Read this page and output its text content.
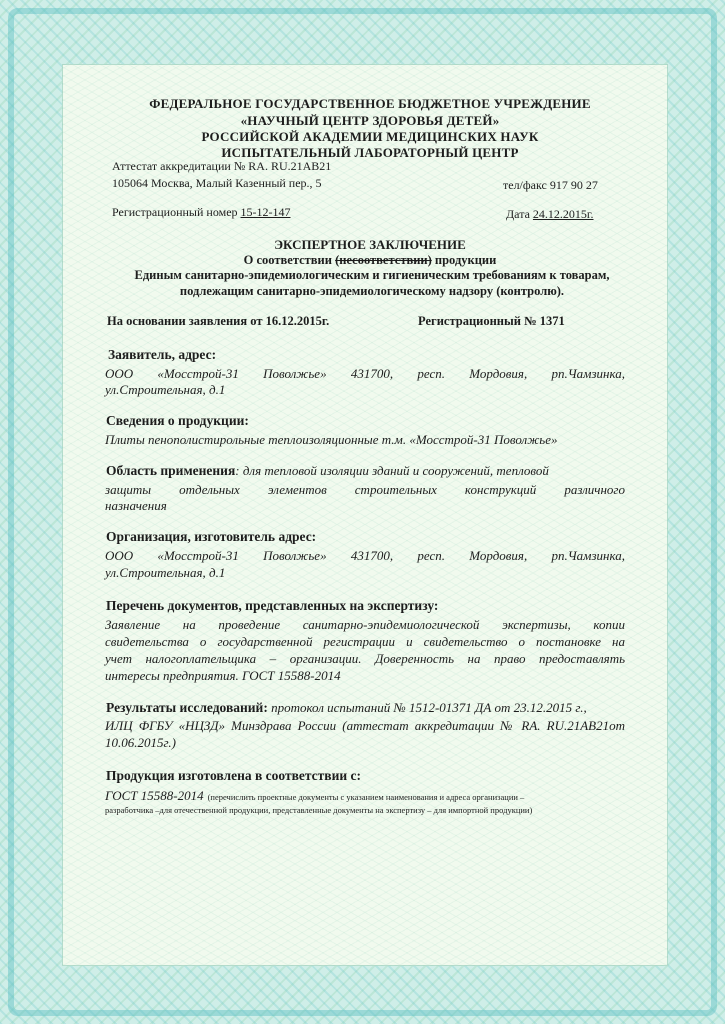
ФЕДЕРАЛЬНОЕ ГОСУДАРСТВЕННОЕ БЮДЖЕТНОЕ УЧРЕЖДЕНИЕ
«НАУЧНЫЙ ЦЕНТР ЗДОРОВЬЯ ДЕТЕЙ»
РОССИЙСКОЙ АКАДЕМИИ МЕДИЦИНСКИХ НАУК
ИСПЫТАТЕЛЬНЫЙ ЛАБОРАТОРНЫЙ ЦЕНТР
Аттестат аккредитации № RA. RU.21AB21
105064 Москва, Малый Казенный пер., 5	тел/факс 917 90 27
Регистрационный номер 15-12-147	Дата 24.12.2015г.
ЭКСПЕРТНОЕ ЗАКЛЮЧЕНИЕ
О соответствии (несоответствии) продукции
Единым санитарно-эпидемиологическим и гигиеническим требованиям к товарам,
подлежащим санитарно-эпидемиологическому надзору (контролю).
На основании заявления от 16.12.2015г.	Регистрационный № 1371
Заявитель, адрес:
ООО «Мосстрой-31 Поволжье» 431700, респ. Мордовия, рп.Чамзинка,
ул.Строительная, д.1
Сведения о продукции:
Плиты пенополистирольные теплоизоляционные т.м. «Мосстрой-31 Поволжье»
Область применения: для тепловой изоляции зданий и сооружений, тепловой
защиты отдельных элементов строительных конструкций различного
назначения
Организация, изготовитель адрес:
ООО «Мосстрой-31 Поволжье» 431700, респ. Мордовия, рп.Чамзинка,
ул.Строительная, д.1
Перечень документов, представленных на экспертизу:
Заявление на проведение санитарно-эпидемиологической экспертизы, копии
свидетельства о государственной регистрации и свидетельство о постановке на
учет налогоплательщика – организации. Доверенность на право предоставлять
интересы предприятия. ГОСТ 15588-2014
Результаты исследований: протокол испытаний № 1512-01371 ДА от 23.12.2015 г.,
ИЛЦ ФГБУ «НЦЗД» Минздрава России (аттестат аккредитации № RA. RU.21AB21от
10.06.2015г.)
Продукция изготовлена в соответствии с:
ГОСТ 15588-2014 (перечислить проектные документы с указанием наименования и адреса организации –
разработчика –для отечественной продукции, представленные документы на экспертизу – для импортной продукции)
